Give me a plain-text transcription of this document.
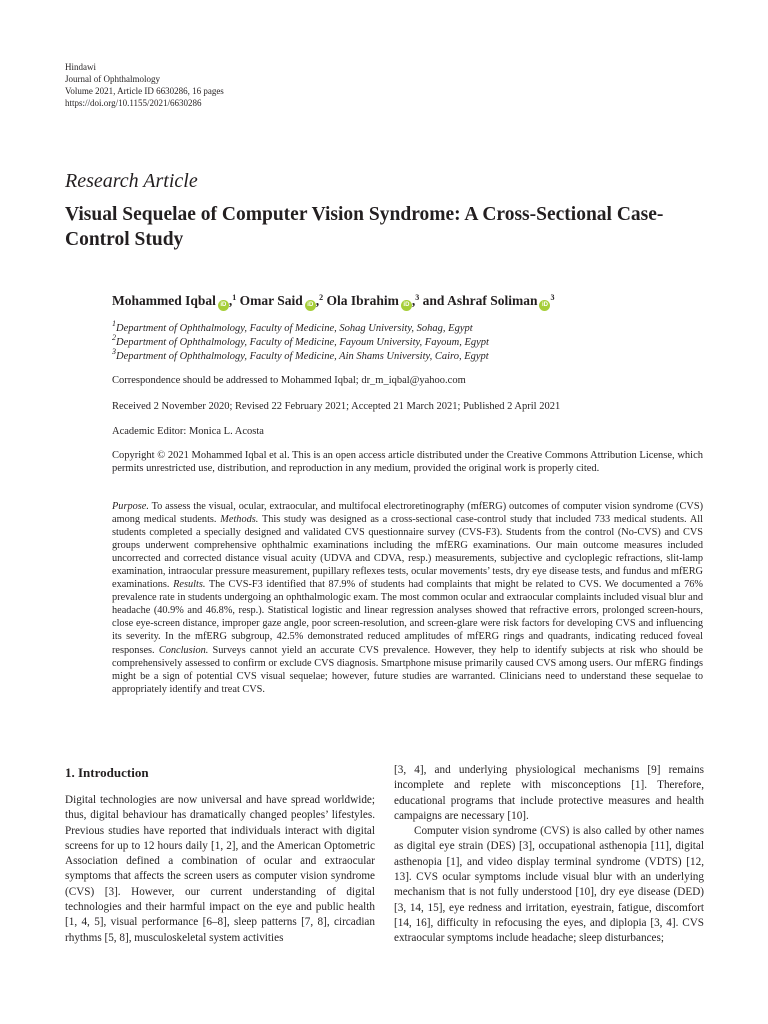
Hindawi
Journal of Ophthalmology
Volume 2021, Article ID 6630286, 16 pages
https://doi.org/10.1155/2021/6630286
Research Article
Visual Sequelae of Computer Vision Syndrome: A Cross-Sectional Case-Control Study
Mohammed Iqbal iD ,$^1$ Omar Said iD ,$^2$ Ola Ibrahim iD ,$^3$ and Ashraf Soliman $iD^3$
$^1$Department of Ophthalmology, Faculty of Medicine, Sohag University, Sohag, Egypt
$^2$Department of Ophthalmology, Faculty of Medicine, Fayoum University, Fayoum, Egypt
$^3$Department of Ophthalmology, Faculty of Medicine, Ain Shams University, Cairo, Egypt
Correspondence should be addressed to Mohammed Iqbal; dr_m_iqbal@yahoo.com
Received 2 November 2020; Revised 22 February 2021; Accepted 21 March 2021; Published 2 April 2021
Academic Editor: Monica L. Acosta
Copyright © 2021 Mohammed Iqbal et al. This is an open access article distributed under the Creative Commons Attribution License, which permits unrestricted use, distribution, and reproduction in any medium, provided the original work is properly cited.
Purpose. To assess the visual, ocular, extraocular, and multifocal electroretinography (mfERG) outcomes of computer vision syndrome (CVS) among medical students. Methods. This study was designed as a cross-sectional case-control study that included 733 medical students. All students completed a specially designed and validated CVS questionnaire survey (CVS-F3). Students from the control (No-CVS) and CVS groups underwent comprehensive ophthalmic examinations including the mfERG examinations. Our main outcome measures included uncorrected and corrected distance visual acuity (UDVA and CDVA, resp.) measurements, subjective and cycloplegic refractions, slit-lamp examination, intraocular pressure measurement, pupillary reflexes tests, ocular movements’ tests, dry eye disease tests, and fundus and mfERG examinations. Results. The CVS-F3 identified that 87.9% of students had complaints that might be related to CVS. We documented a 76% prevalence rate in students undergoing an ophthalmologic exam. The most common ocular and extraocular complaints included visual blur and headache (40.9% and 46.8%, resp.). Statistical logistic and linear regression analyses showed that refractive errors, prolonged screen-hours, close eye-screen distance, improper gaze angle, poor screen-resolution, and screen-glare were risk factors for developing CVS and influencing its severity. In the mfERG subgroup, 42.5% demonstrated reduced amplitudes of mfERG rings and quadrants, indicating reduced foveal responses. Conclusion. Surveys cannot yield an accurate CVS prevalence. However, they help to identify subjects at risk who should be comprehensively assessed to confirm or exclude CVS diagnosis. Smartphone misuse primarily caused CVS among users. Our mfERG findings might be a sign of potential CVS visual sequelae; however, future studies are warranted. Clinicians need to understand these sequelae to appropriately identify and treat CVS.
1. Introduction

Digital technologies are now universal and have spread worldwide; thus, digital behaviour has dramatically changed peoples’ lifestyles. Previous studies have reported that individuals interact with digital screens for up to 12 hours daily [1, 2], and the American Optometric Association defined a combination of ocular and extraocular symptoms that affects the screen users as computer vision syndrome (CVS) [3]. However, our current understanding of digital technologies and their harmful impact on the eye and public health [1, 4, 5], visual performance [6–8], sleep patterns [7, 8], circadian rhythms [5, 8], musculoskeletal system activities

[3, 4], and underlying physiological mechanisms [9] remains incomplete and replete with misconceptions [1]. Therefore, educational programs that include protective measures and health campaigns are necessary [10].

Computer vision syndrome (CVS) is also called by other names as digital eye strain (DES) [3], occupational asthenopia [11], digital asthenopia [1], and video display terminal syndrome (VDTS) [12, 13]. CVS ocular symptoms include visual blur with an underlying mechanism that is not fully understood [10], dry eye disease (DED) [3, 14, 15], eye redness and irritation, eyestrain, fatigue, discomfort [14, 16], difficulty in refocusing the eyes, and diplopia [3, 4]. CVS extraocular symptoms include headache; sleep disturbances;
